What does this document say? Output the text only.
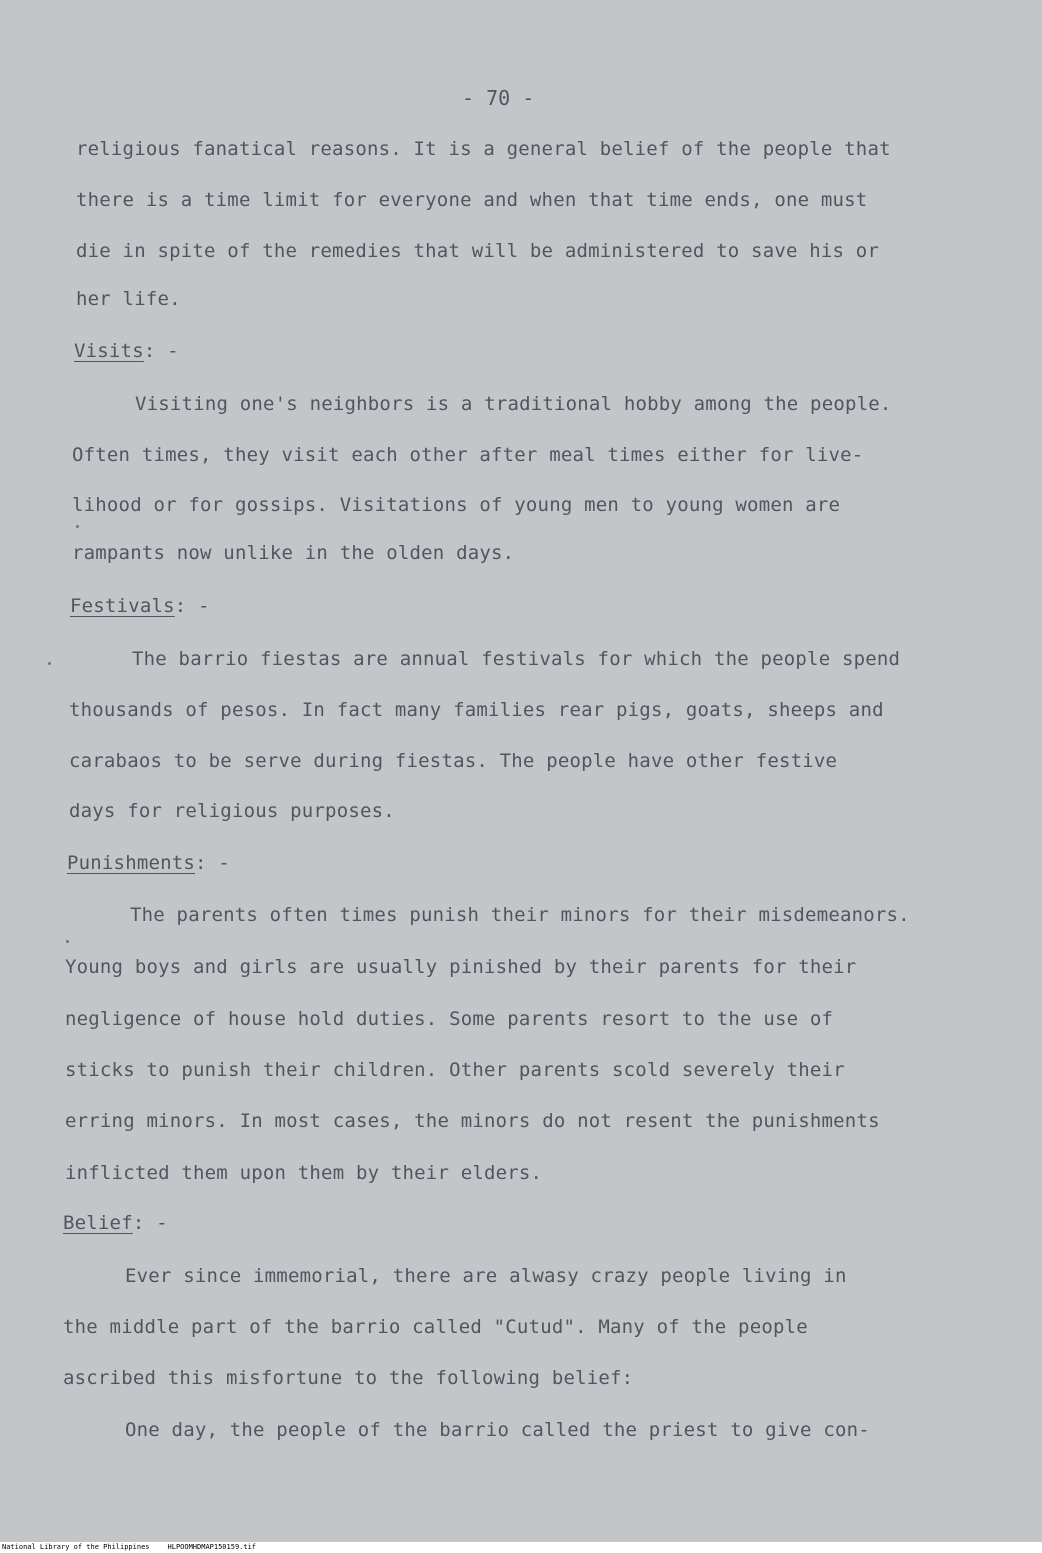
- 70 -
religious fanatical reasons. It is a general belief of the people that
there is a time limit for everyone and when that time ends, one must
die in spite of the remedies that will be administered to save his or
her life.
Visits: -
Visiting one's neighbors is a traditional hobby among the people.
Often times, they visit each other after meal times either for live-
lihood or for gossips. Visitations of young men to young women are
rampants now unlike in the olden days.
Festivals: -
The barrio fiestas are annual festivals for which the people spend
thousands of pesos. In fact many families rear pigs, goats, sheeps and
carabaos to be serve during fiestas. The people have other festive
days for religious purposes.
Punishments: -
The parents often times punish their minors for their misdemeanors.
Young boys and girls are usually pinished by their parents for their
negligence of house hold duties. Some parents resort to the use of
sticks to punish their children. Other parents scold severely their
erring minors. In most cases, the minors do not resent the punishments
inflicted them upon them by their elders.
Belief: -
Ever since immemorial, there are alwasy crazy people living in
the middle part of the barrio called "Cutud". Many of the people
ascribed this misfortune to the following belief:
One day, the people of the barrio called the priest to give con-
National Library of the Philippines	HLPOOMHDMAP150159.tif
